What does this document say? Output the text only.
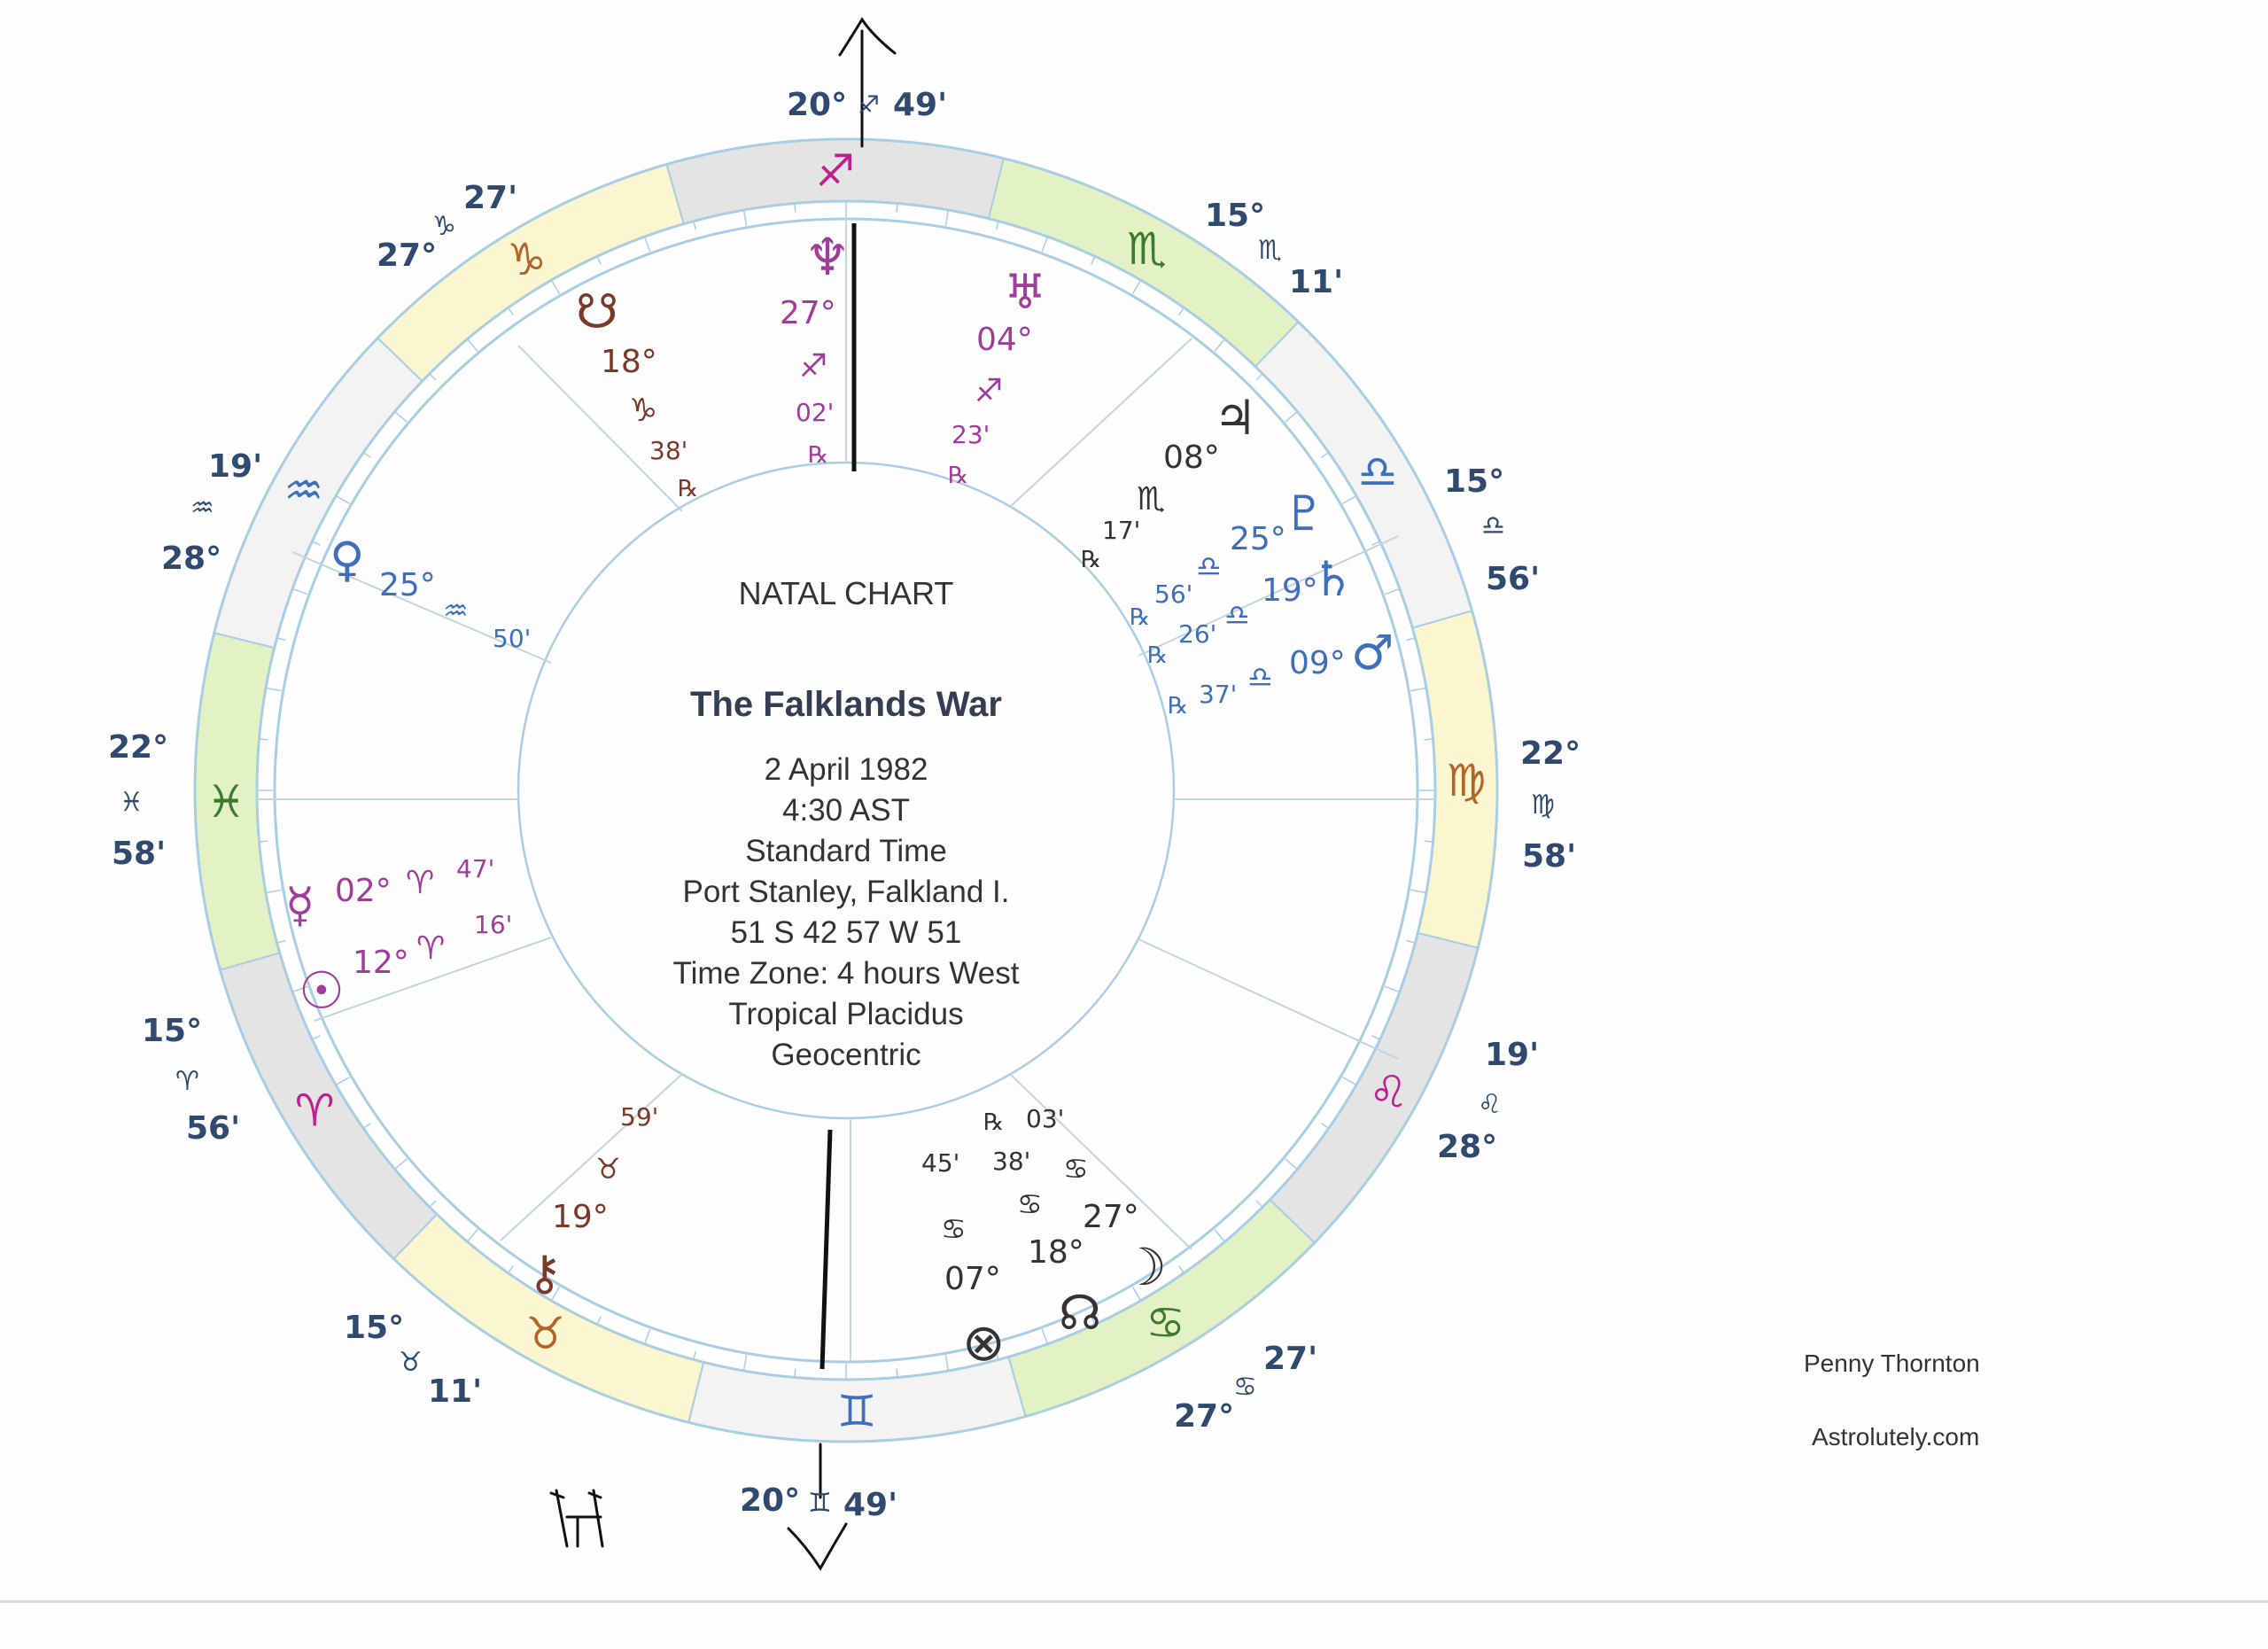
♐
♏
♎
♍
♌
♋
♊
♉
♈
♓
♒
♑
NATAL CHART
The Falklands War
2 April 1982
4:30 AST
Standard Time
Port Stanley, Falkland I.
51 S 42 57 W 51
Time Zone: 4 hours West
Tropical Placidus
Geocentric
20° ♐ 49'
15°
♏
11'
15°
♎
56'
22°
♍
58'
19'
♌
28°
27'
♋
27°
20° ♊ 49'
15°
♉
11'
15°
♈
56'
22°
♓
58'
19'
♒
28°
27'
♑
27°	♆
27°
♐
02'
℞
♅
04°
♐
23'
℞
☋
18°
♑
38'
℞
♃
08°
♏
17'
℞
♇
25°
♎
56'
℞
♄
19°
♎
26'
℞	♂
09°
♎
37'
℞
♀ 25°
♒
50'
☿ 02° ♈ 47'
☉ 12° ♈
16'
⚷
19°
♉
59'
☽
27°
♋
03'
℞
☊
18°
♋
38'
⊗
07°
♋
45'
Penny Thornton
Astrolutely.com
